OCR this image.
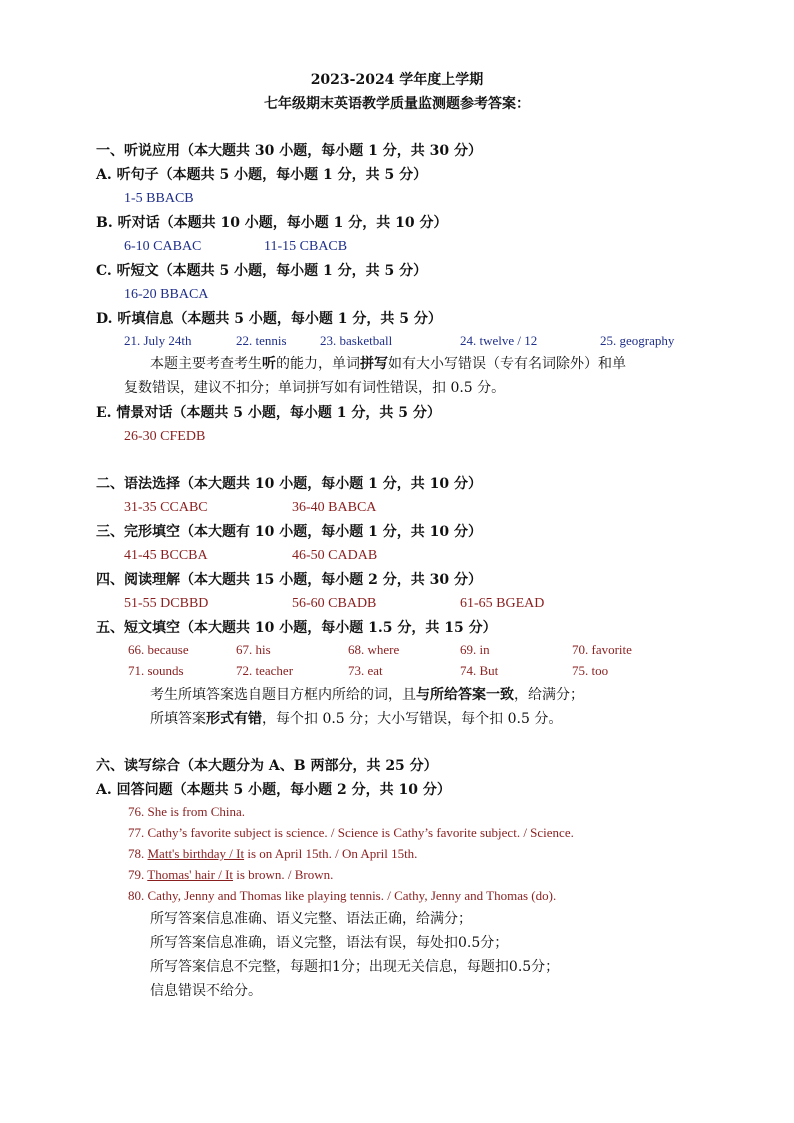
2023-2024 学年度上学期
七年级期末英语教学质量监测题参考答案：
一、听说应用（本大题共 30 小题，每小题 1 分，共 30 分）
A. 听句子（本题共 5 小题，每小题 1 分，共 5 分）
1-5 BBACB
B. 听对话（本题共 10 小题，每小题 1 分，共 10 分）
6-10 CABAC	11-15 CBACB
C. 听短文（本题共 5 小题，每小题 1 分，共 5 分）
16-20 BBACA
D. 听填信息（本题共 5 小题，每小题 1 分，共 5 分）
21. July 24th	22. tennis	23. basketball	24. twelve / 12	25. geography
本题主要考查考生听的能力，单词拼写如有大小写错误（专有名词除外）和单
复数错误，建议不扣分；单词拼写如有词性错误，扣 0.5 分。
E. 情景对话（本题共 5 小题，每小题 1 分，共 5 分）
26-30 CFEDB
二、语法选择（本大题共 10 小题，每小题 1 分，共 10 分）
31-35 CCABC	36-40 BABCA
三、完形填空（本大题有 10 小题，每小题 1 分，共 10 分）
41-45 BCCBA	46-50 CADAB
四、阅读理解（本大题共 15 小题，每小题 2 分，共 30 分）
51-55 DCBBD	56-60 CBADB	61-65 BGEAD
五、短文填空（本大题共 10 小题，每小题 1.5 分，共 15 分）
66. because	67. his	68. where	69. in	70. favorite
71. sounds	72. teacher	73. eat	74. But	75. too
考生所填答案选自题目方框内所给的词，且与所给答案一致，给满分；
所填答案形式有错，每个扣 0.5 分；大小写错误，每个扣 0.5 分。
六、读写综合（本大题分为 A、B 两部分，共 25 分）
A. 回答问题（本题共 5 小题，每小题 2 分，共 10 分）
76. She is from China.
77. Cathy’s favorite subject is science. / Science is Cathy’s favorite subject. / Science.
78. Matt's birthday / It is on April 15th. / On April 15th.
79. Thomas' hair / It is brown. / Brown.
80. Cathy, Jenny and Thomas like playing tennis. / Cathy, Jenny and Thomas (do).
所写答案信息准确、语义完整、语法正确，给满分；
所写答案信息准确，语义完整，语法有误，每处扣0.5分；
所写答案信息不完整，每题扣1分；出现无关信息，每题扣0.5分；
信息错误不给分。
